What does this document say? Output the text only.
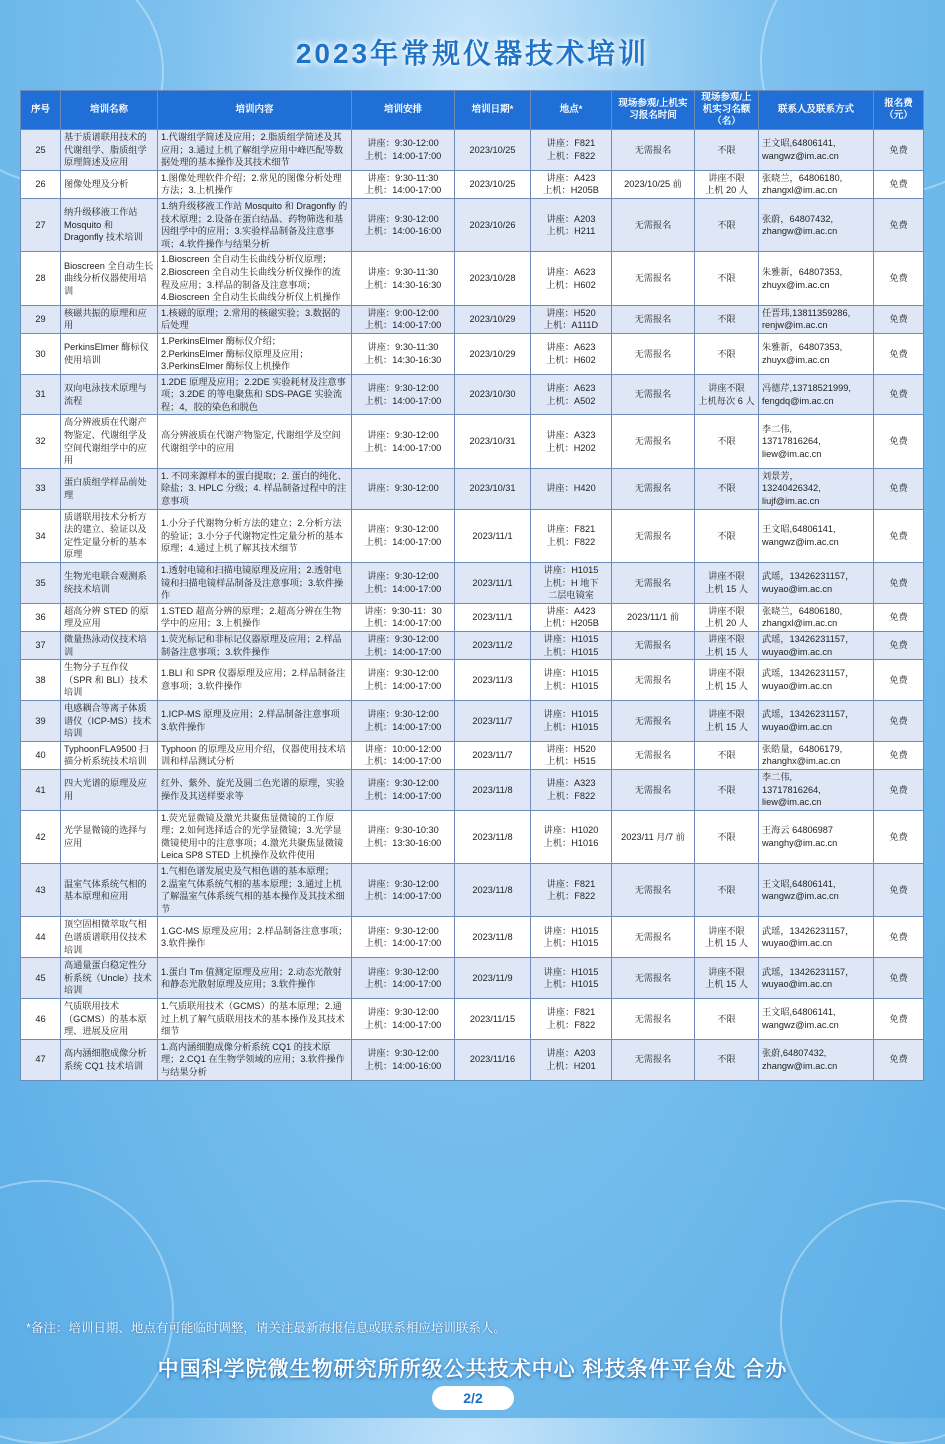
2023年常规仪器技术培训
序号	培训名称	培训内容	培训安排	培训日期*	地点*	现场参观/上机实习报名时间	现场参观/上机实习名额（名）	联系人及联系方式	报名费（元）
25	基于质谱联用技术的代谢组学、脂质组学原理简述及应用	1.代谢组学简述及应用；2.脂质组学简述及其应用；3.通过上机了解组学应用中峰匹配等数据处理的基本操作及其技术细节	讲座：9:30-12:00
上机：14:00-17:00	2023/10/25	讲座：F821
上机：F822	无需报名	不限	王文昭,64806141,
wangwz@im.ac.cn	免费
26	图像处理及分析	1.图像处理软件介绍；2.常见的图像分析处理方法；3.上机操作	讲座：9:30-11:30
上机：14:00-17:00	2023/10/25	讲座：A423
上机：H205B	2023/10/25 前	讲座不限
上机 20 人	张晓兰，64806180,
zhangxl@im.ac.cn	免费
27	纳升级移液工作站 Mosquito 和 Dragonfly 技术培训	1.纳升级移液工作站 Mosquito 和 Dragonfly 的技术原理；2.设备在蛋白结晶、药物筛选和基因组学中的应用；3.实验样品制备及注意事项；4.软件操作与结果分析	讲座：9:30-12:00
上机：14:00-16:00	2023/10/26	讲座：A203
上机：H211	无需报名	不限	张蔚，64807432,
zhangw@im.ac.cn	免费
28	Bioscreen 全自动生长曲线分析仪器使用培训	1.Bioscreen 全自动生长曲线分析仪原理；
2.Bioscreen 全自动生长曲线分析仪操作的流程及应用；3.样品的制备及注意事项；
4.Bioscreen 全自动生长曲线分析仪上机操作	讲座：9:30-11:30
上机：14:30-16:30	2023/10/28	讲座：A623
上机：H602	无需报名	不限	朱雅新，64807353,
zhuyx@im.ac.cn	免费
29	核磁共振的原理和应用	1.核磁的原理；2.常用的核磁实验；3.数据的后处理	讲座：9:00-12:00
上机：14:00-17:00	2023/10/29	讲座：H520
上机：A111D	无需报名	不限	任晋玮,13811359286,
renjw@im.ac.cn	免费
30	PerkinsElmer 酶标仪使用培训	1.PerkinsElmer 酶标仪介绍；
2.PerkinsElmer 酶标仪原理及应用；
3.PerkinsElmer 酶标仪上机操作	讲座：9:30-11:30
上机：14:30-16:30	2023/10/29	讲座：A623
上机：H602	无需报名	不限	朱雅新，64807353,
zhuyx@im.ac.cn	免费
31	双向电泳技术原理与流程	1.2DE 原理及应用；2.2DE 实验耗材及注意事项；3.2DE 的等电聚焦和 SDS-PAGE 实验流程；4，胶的染色和脱色	讲座：9:30-12:00
上机：14:00-17:00	2023/10/30	讲座：A623
上机：A502	无需报名	讲座不限
上机每次 6 人	冯德芹,13718521999,
fengdq@im.ac.cn	免费
32	高分辨液质在代谢产物鉴定、代谢组学及空间代谢组学中的应用	高分辨液质在代谢产物鉴定, 代谢组学及空间代谢组学中的应用	讲座：9:30-12:00
上机：14:00-17:00	2023/10/31	讲座：A323
上机：H202	无需报名	不限	李二伟,
13717816264,
liew@im.ac.cn	免费
33	蛋白质组学样品前处理	1. 不同来源样本的蛋白提取；2. 蛋白的纯化、除盐；3. HPLC 分级；4. 样品制备过程中的注意事项	讲座：9:30-12:00	2023/10/31	讲座：H420	无需报名	不限	刘景芳，
13240426342,
liujf@im.ac.cn	免费
34	质谱联用技术分析方法的建立、验证以及定性定量分析的基本原理	1.小分子代谢物分析方法的建立；2.分析方法的验证；3.小分子代谢物定性定量分析的基本原理；4.通过上机了解其技术细节	讲座：9:30-12:00
上机：14:00-17:00	2023/11/1	讲座：F821
上机：F822	无需报名	不限	王文昭,64806141,
wangwz@im.ac.cn	免费
35	生物光电联合观测系统技术培训	1.透射电镜和扫描电镜原理及应用；2.透射电镜和扫描电镜样品制备及注意事项；3.软件操作	讲座：9:30-12:00
上机：14:00-17:00	2023/11/1	讲座：H1015
上机：H 地下
二层电镜室	无需报名	讲座不限
上机 15 人	武瑶，13426231157，
wuyao@im.ac.cn	免费
36	超高分辨 STED 的原理及应用	1.STED 超高分辨的原理；2.超高分辨在生物学中的应用；3.上机操作	讲座：9:30-11：30
上机：14:00-17:00	2023/11/1	讲座：A423
上机：H205B	2023/11/1 前	讲座不限
上机 20 人	张晓兰，64806180,
zhangxl@im.ac.cn	免费
37	微量热泳动仪技术培训	1.荧光标记和非标记仪器原理及应用；2.样品制备注意事项；3.软件操作	讲座：9:30-12:00
上机：14:00-17:00	2023/11/2	讲座：H1015
上机：H1015	无需报名	讲座不限
上机 15 人	武瑶，13426231157，
wuyao@im.ac.cn	免费
38	生物分子互作仪（SPR 和 BLI）技术培训	1.BLI 和 SPR 仪器原理及应用；2.样品制备注意事项；3.软件操作	讲座：9:30-12:00
上机：14:00-17:00	2023/11/3	讲座：H1015
上机：H1015	无需报名	讲座不限
上机 15 人	武瑶，13426231157，
wuyao@im.ac.cn	免费
39	电感耦合等离子体质谱仪（ICP-MS）技术培训	1.ICP-MS 原理及应用；2.样品制备注意事项 3.软件操作	讲座：9:30-12:00
上机：14:00-17:00	2023/11/7	讲座：H1015
上机：H1015	无需报名	讲座不限
上机 15 人	武瑶，13426231157，
wuyao@im.ac.cn	免费
40	TyphoonFLA9500 扫描分析系统技术培训	Typhoon 的原理及应用介绍，仪器使用技术培训和样品测试分析	讲座：10:00-12:00
上机：14:00-17:00	2023/11/7	讲座：H520
上机：H515	无需报名	不限	张皓量，64806179,
zhanghx@im.ac.cn	免费
41	四大光谱的原理及应用	红外、紫外、旋光及圆二色光谱的原理，实验操作及其送样要求等	讲座：9:30-12:00
上机：14:00-17:00	2023/11/8	讲座：A323
上机：F822	无需报名	不限	李二伟,
13717816264,
liew@im.ac.cn	免费
42	光学显微镜的选择与应用	1.荧光显微镜及激光共聚焦显微镜的工作原理；2.如何选择适合的光学显微镜；3.光学显微镜使用中的注意事项；4.激光共聚焦显微镜 Leica SP8 STED 上机操作及软件使用	讲座：9:30-10:30
上机：13:30-16:00	2023/11/8	讲座：H1020
上机：H1016	2023/11 月/7 前	不限	王海云 64806987
wanghy@im.ac.cn	免费
43	温室气体系统气相的基本原理和应用	1.气相色谱发展史及气相色谱的基本原理；
2.温室气体系统气相的基本原理；3.通过上机了解温室气体系统气相的基本操作及其技术细节	讲座：9:30-12:00
上机：14:00-17:00	2023/11/8	讲座：F821
上机：F822	无需报名	不限	王文昭,64806141,
wangwz@im.ac.cn	免费
44	顶空固相微萃取气相色谱质谱联用仪技术培训	1.GC-MS 原理及应用；2.样品制备注意事项；3.软件操作	讲座：9:30-12:00
上机：14:00-17:00	2023/11/8	讲座：H1015
上机：H1015	无需报名	讲座不限
上机 15 人	武瑶，13426231157，
wuyao@im.ac.cn	免费
45	高通量蛋白稳定性分析系统（Uncle）技术培训	1.蛋白 Tm 值测定原理及应用；2.动态光散射和静态光散射原理及应用；3.软件操作	讲座：9:30-12:00
上机：14:00-17:00	2023/11/9	讲座：H1015
上机：H1015	无需报名	讲座不限
上机 15 人	武瑶，13426231157，
wuyao@im.ac.cn	免费
46	气质联用技术（GCMS）的基本原理、进展及应用	1.气质联用技术（GCMS）的基本原理；2.通过上机了解气质联用技术的基本操作及其技术细节	讲座：9:30-12:00
上机：14:00-17:00	2023/11/15	讲座：F821
上机：F822	无需报名	不限	王文昭,64806141,
wangwz@im.ac.cn	免费
47	高内涵细胞成像分析系统 CQ1 技术培训	1.高内涵细胞成像分析系统 CQ1 的技术原理；2.CQ1 在生物学领域的应用；3.软件操作与结果分析	讲座：9:30-12:00
上机：14:00-16:00	2023/11/16	讲座：A203
上机：H201	无需报名	不限	张蔚,64807432,
zhangw@im.ac.cn	免费
*备注：培训日期、地点有可能临时调整，请关注最新海报信息或联系相应培训联系人。
中国科学院微生物研究所所级公共技术中心 科技条件平台处 合办
2/2
